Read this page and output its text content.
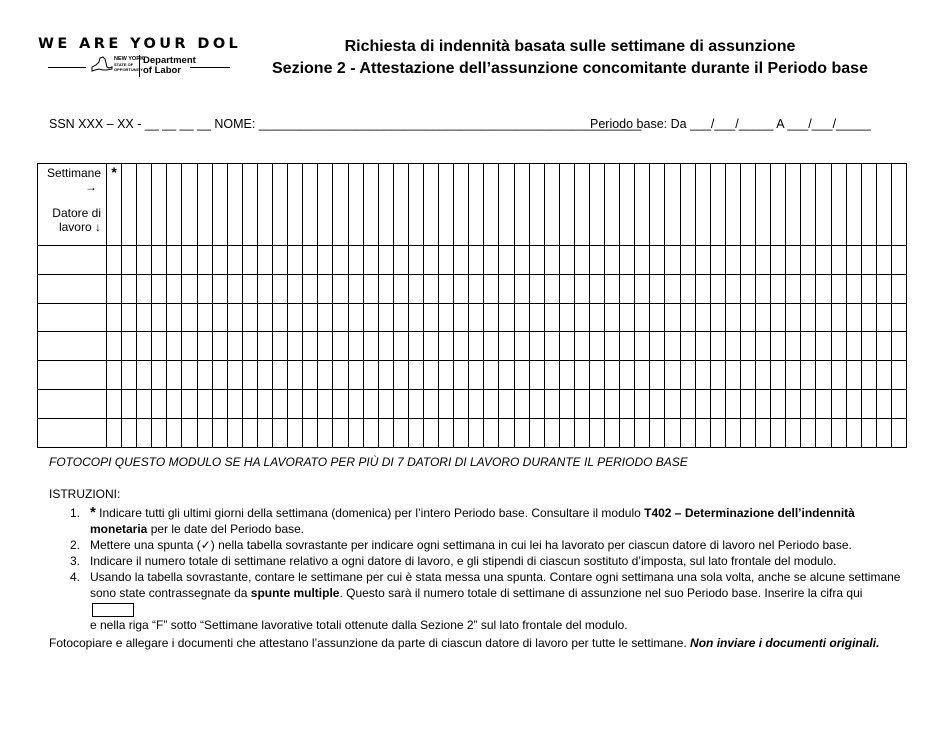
WE ARE YOUR DOL
NEW YORK
STATE OF
OPPORTUNITY.
Department
of Labor
Richiesta di indennità basata sulle settimane di assunzione
Sezione 2 - Attestazione dell’assunzione concomitante durante il Periodo base
SSN XXX – XX - __ __ __ __ NOME: _______________________________________________________
Periodo base: Da ___/___/_____ A ___/___/_____
Settimane
→
Datore di
lavoro ↓	*																																																				

FOTOCOPI QUESTO MODULO SE HA LAVORATO PER PIÙ DI 7 DATORI DI LAVORO DURANTE IL PERIODO BASE
ISTRUZIONI:
1. * Indicare tutti gli ultimi giorni della settimana (domenica) per l’intero Periodo base. Consultare il modulo T402 – Determinazione dell’indennità monetaria per le date del Periodo base.
2. Mettere una spunta (✓) nella tabella sovrastante per indicare ogni settimana in cui lei ha lavorato per ciascun datore di lavoro nel Periodo base.
3. Indicare il numero totale di settimane relativo a ogni datore di lavoro, e gli stipendi di ciascun sostituto d’imposta, sul lato frontale del modulo.
4. Usando la tabella sovrastante, contare le settimane per cui è stata messa una spunta. Contare ogni settimana una sola volta, anche se alcune settimane sono state contrassegnate da spunte multiple. Questo sarà il numero totale di settimane di assunzione nel suo Periodo base. Inserire la cifra qui
e nella riga “F” sotto “Settimane lavorative totali ottenute dalla Sezione 2” sul lato frontale del modulo.
Fotocopiare e allegare i documenti che attestano l’assunzione da parte di ciascun datore di lavoro per tutte le settimane. Non inviare i documenti originali.
